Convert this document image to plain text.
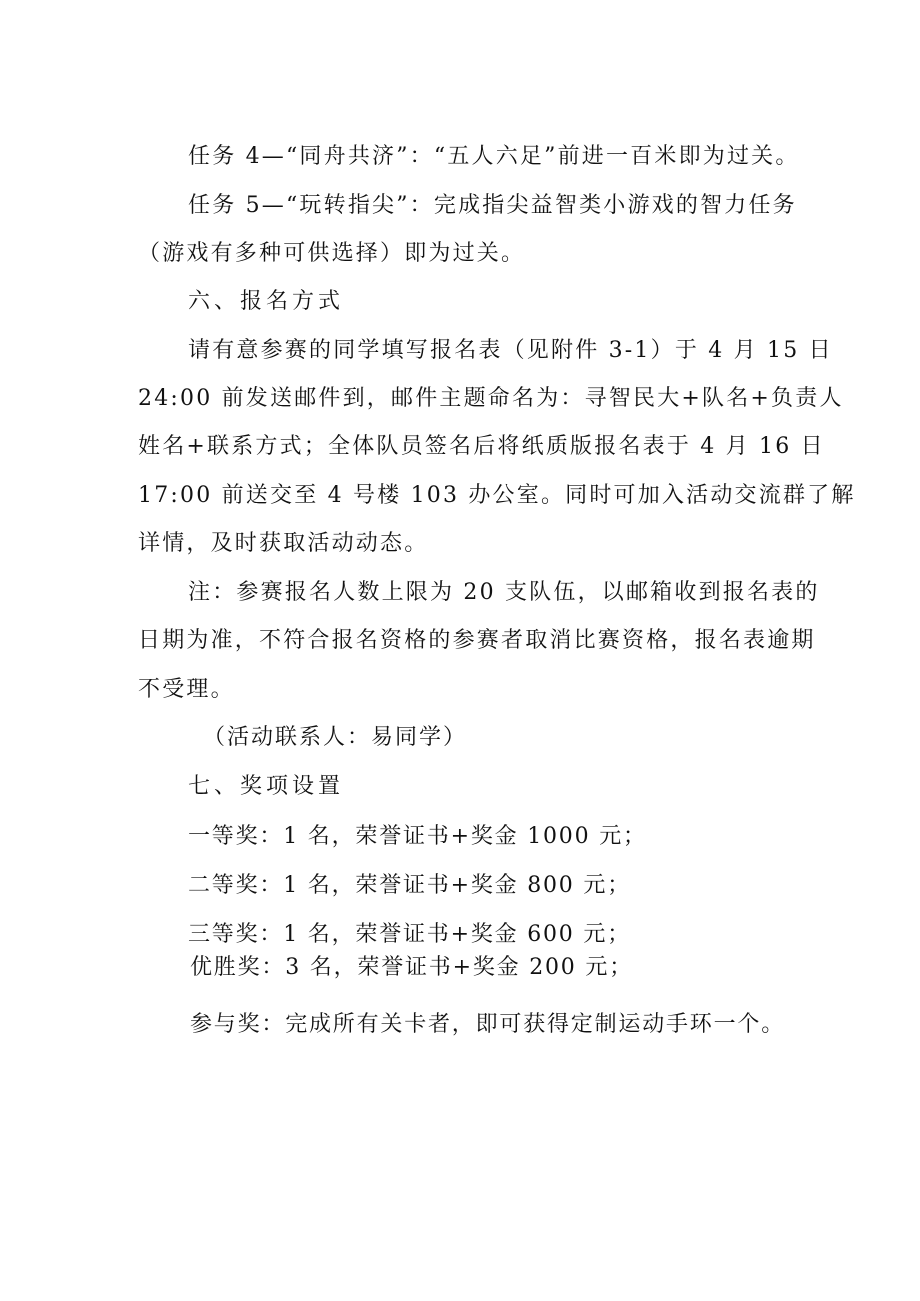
任务 4—“同舟共济”：“五人六足”前进一百米即为过关。
任务 5—“玩转指尖”：完成指尖益智类小游戏的智力任务
（游戏有多种可供选择）即为过关。
六、报名方式
请有意参赛的同学填写报名表（见附件 3-1）于 4 月 15 日
24:00 前发送邮件到，邮件主题命名为：寻智民大+队名+负责人
姓名+联系方式；全体队员签名后将纸质版报名表于 4 月 16 日
17:00 前送交至 4 号楼 103 办公室。同时可加入活动交流群了解
详情，及时获取活动动态。
注：参赛报名人数上限为 20 支队伍，以邮箱收到报名表的
日期为准，不符合报名资格的参赛者取消比赛资格，报名表逾期
不受理。
（活动联系人：易同学）
七、奖项设置
一等奖：1 名，荣誉证书+奖金 1000 元；
二等奖：1 名，荣誉证书+奖金 800 元；
三等奖：1 名，荣誉证书+奖金 600 元；
优胜奖：3 名，荣誉证书+奖金 200 元；
参与奖：完成所有关卡者，即可获得定制运动手环一个。
